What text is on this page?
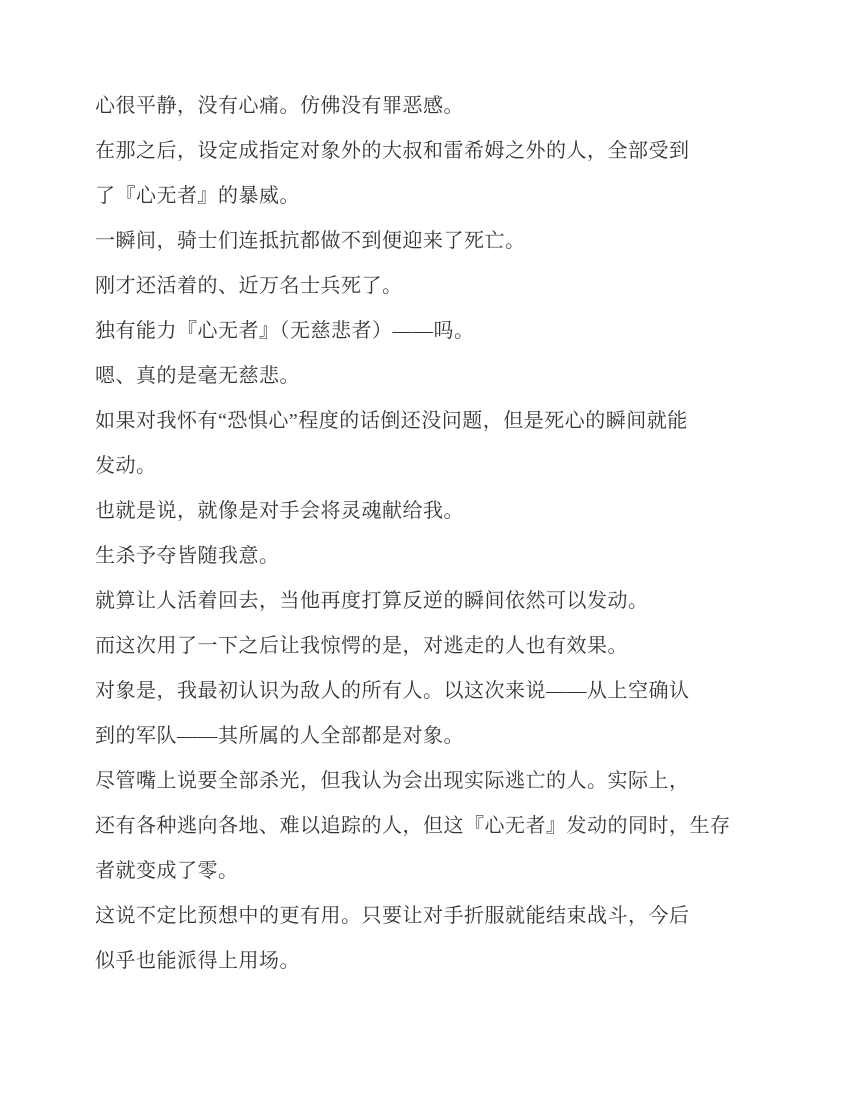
心很平静，没有心痛。仿佛没有罪恶感。
在那之后，设定成指定对象外的大叔和雷希姆之外的人，全部受到
了『心无者』的暴威。
一瞬间，骑士们连抵抗都做不到便迎来了死亡。
刚才还活着的、近万名士兵死了。
独有能力『心无者』（无慈悲者）——吗。
嗯、真的是毫无慈悲。
如果对我怀有“恐惧心”程度的话倒还没问题，但是死心的瞬间就能
发动。
也就是说，就像是对手会将灵魂献给我。
生杀予夺皆随我意。
就算让人活着回去，当他再度打算反逆的瞬间依然可以发动。
而这次用了一下之后让我惊愕的是，对逃走的人也有效果。
对象是，我最初认识为敌人的所有人。以这次来说——从上空确认
到的军队——其所属的人全部都是对象。
尽管嘴上说要全部杀光，但我认为会出现实际逃亡的人。实际上，
还有各种逃向各地、难以追踪的人，但这『心无者』发动的同时，生存
者就变成了零。
这说不定比预想中的更有用。只要让对手折服就能结束战斗，今后
似乎也能派得上用场。
